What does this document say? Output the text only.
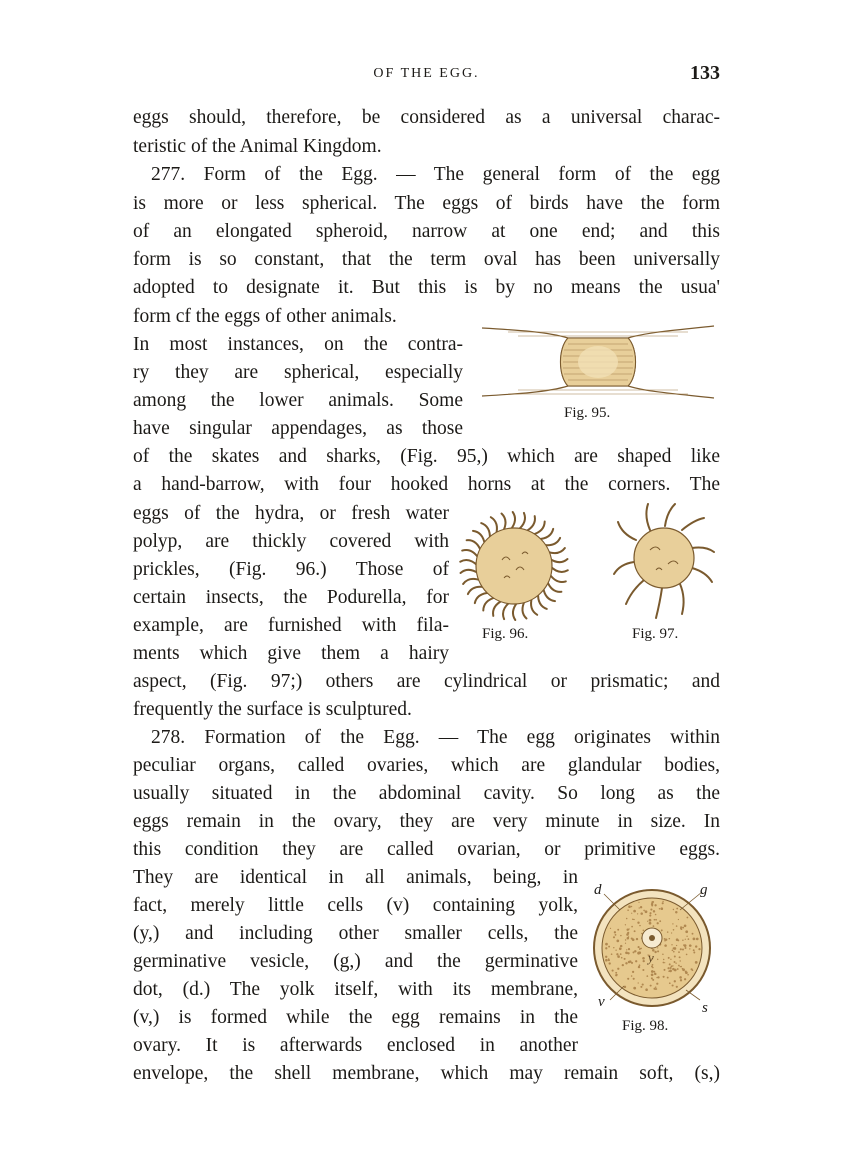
OF THE EGG.	133
eggs should, therefore, be considered as a universal charac-
teristic of the Animal Kingdom.
277. Form of the Egg. — The general form of the egg
is more or less spherical. The eggs of birds have the form
of an elongated spheroid, narrow at one end; and this
form is so constant, that the term oval has been universally
adopted to designate it. But this is by no means the usua'
form cf the eggs of other animals.
In most instances, on the contra-
ry they are spherical, especially
among the lower animals. Some
have singular appendages, as those
of the skates and sharks, (Fig. 95,) which are shaped like
a hand-barrow, with four hooked horns at the corners. The
eggs of the hydra, or fresh water
polyp, are thickly covered with
prickles, (Fig. 96.) Those of
certain insects, the Podurella, for
example, are furnished with fila-
ments which give them a hairy
aspect, (Fig. 97;) others are cylindrical or prismatic; and
frequently the surface is sculptured.
278. Formation of the Egg. — The egg originates within
peculiar organs, called ovaries, which are glandular bodies,
usually situated in the abdominal cavity. So long as the
eggs remain in the ovary, they are very minute in size. In
this condition they are called ovarian, or primitive eggs.
They are identical in all animals, being, in
fact, merely little cells (v) containing yolk,
(y,) and including other smaller cells, the
germinative vesicle, (g,) and the germinative
dot, (d.) The yolk itself, with its membrane,
(v,) is formed while the egg remains in the
ovary. It is afterwards enclosed in another
envelope, the shell membrane, which may remain soft, (s,)
Fig. 95.
Fig. 96.	Fig. 97.
d	g
y
v	s
Fig. 98.
